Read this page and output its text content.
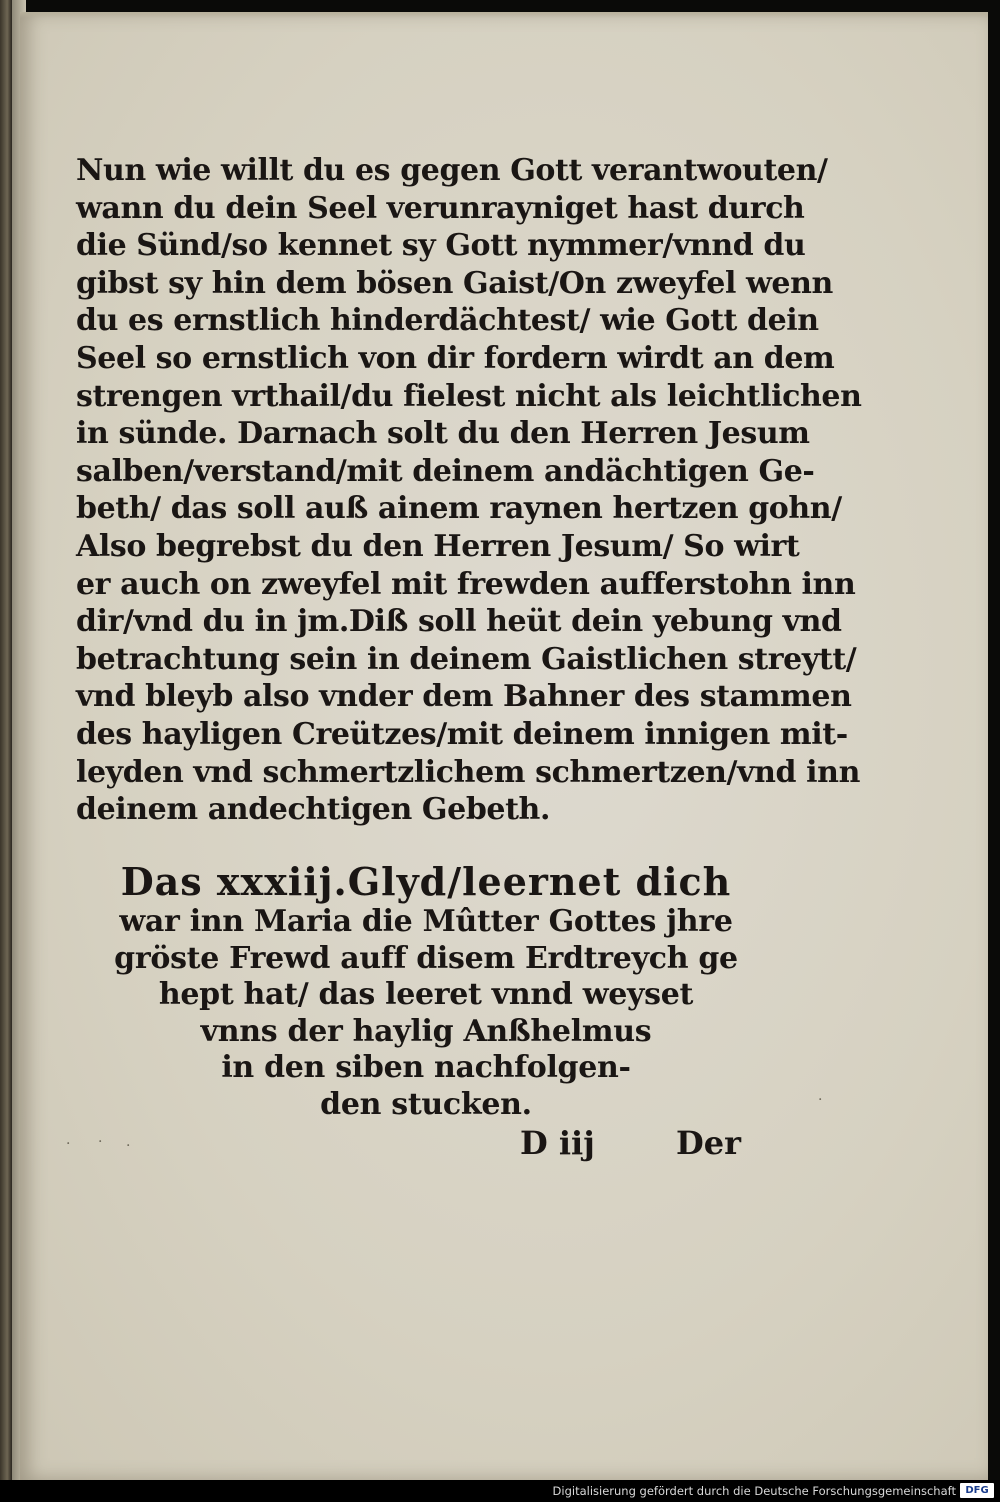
Nun wie willt du es gegen Gott verantwouten/
wann du dein Seel verunrayniget hast durch
die Sünd/so kennet sy Gott nymmer/vnnd du
gibst sy hin dem bösen Gaist/On zweyfel wenn
du es ernstlich hinderdächtest/ wie Gott dein
Seel so ernstlich von dir fordern wirdt an dem
strengen vrthail/du fielest nicht als leichtlichen
in sünde. Darnach solt du den Herren Jesum
salben/verstand/mit deinem andächtigen Ge-
beth/ das soll auß ainem raynen hertzen gohn/
Also begrebst du den Herren Jesum/ So wirt
er auch on zweyfel mit frewden aufferstohn inn
dir/vnd du in jm.Diß soll heüt dein yebung vnd
betrachtung sein in deinem Gaistlichen streytt/
vnd bleyb also vnder dem Bahner des stammen
des hayligen Creützes/mit deinem innigen mit-
leyden vnd schmertzlichem schmertzen/vnd inn
deinem andechtigen Gebeth.
Das xxxiij.Glyd/leernet dich
war inn Maria die Mûtter Gottes jhre
gröste Frewd auff disem Erdtreych ge
hept hat/ das leeret vnnd weyset
vnns der haylig Anßhelmus
in den siben nachfolgen-
den stucken.
D iij	Der
· · ·
·
Digitalisierung gefördert durch die Deutsche Forschungsgemeinschaft DFG
